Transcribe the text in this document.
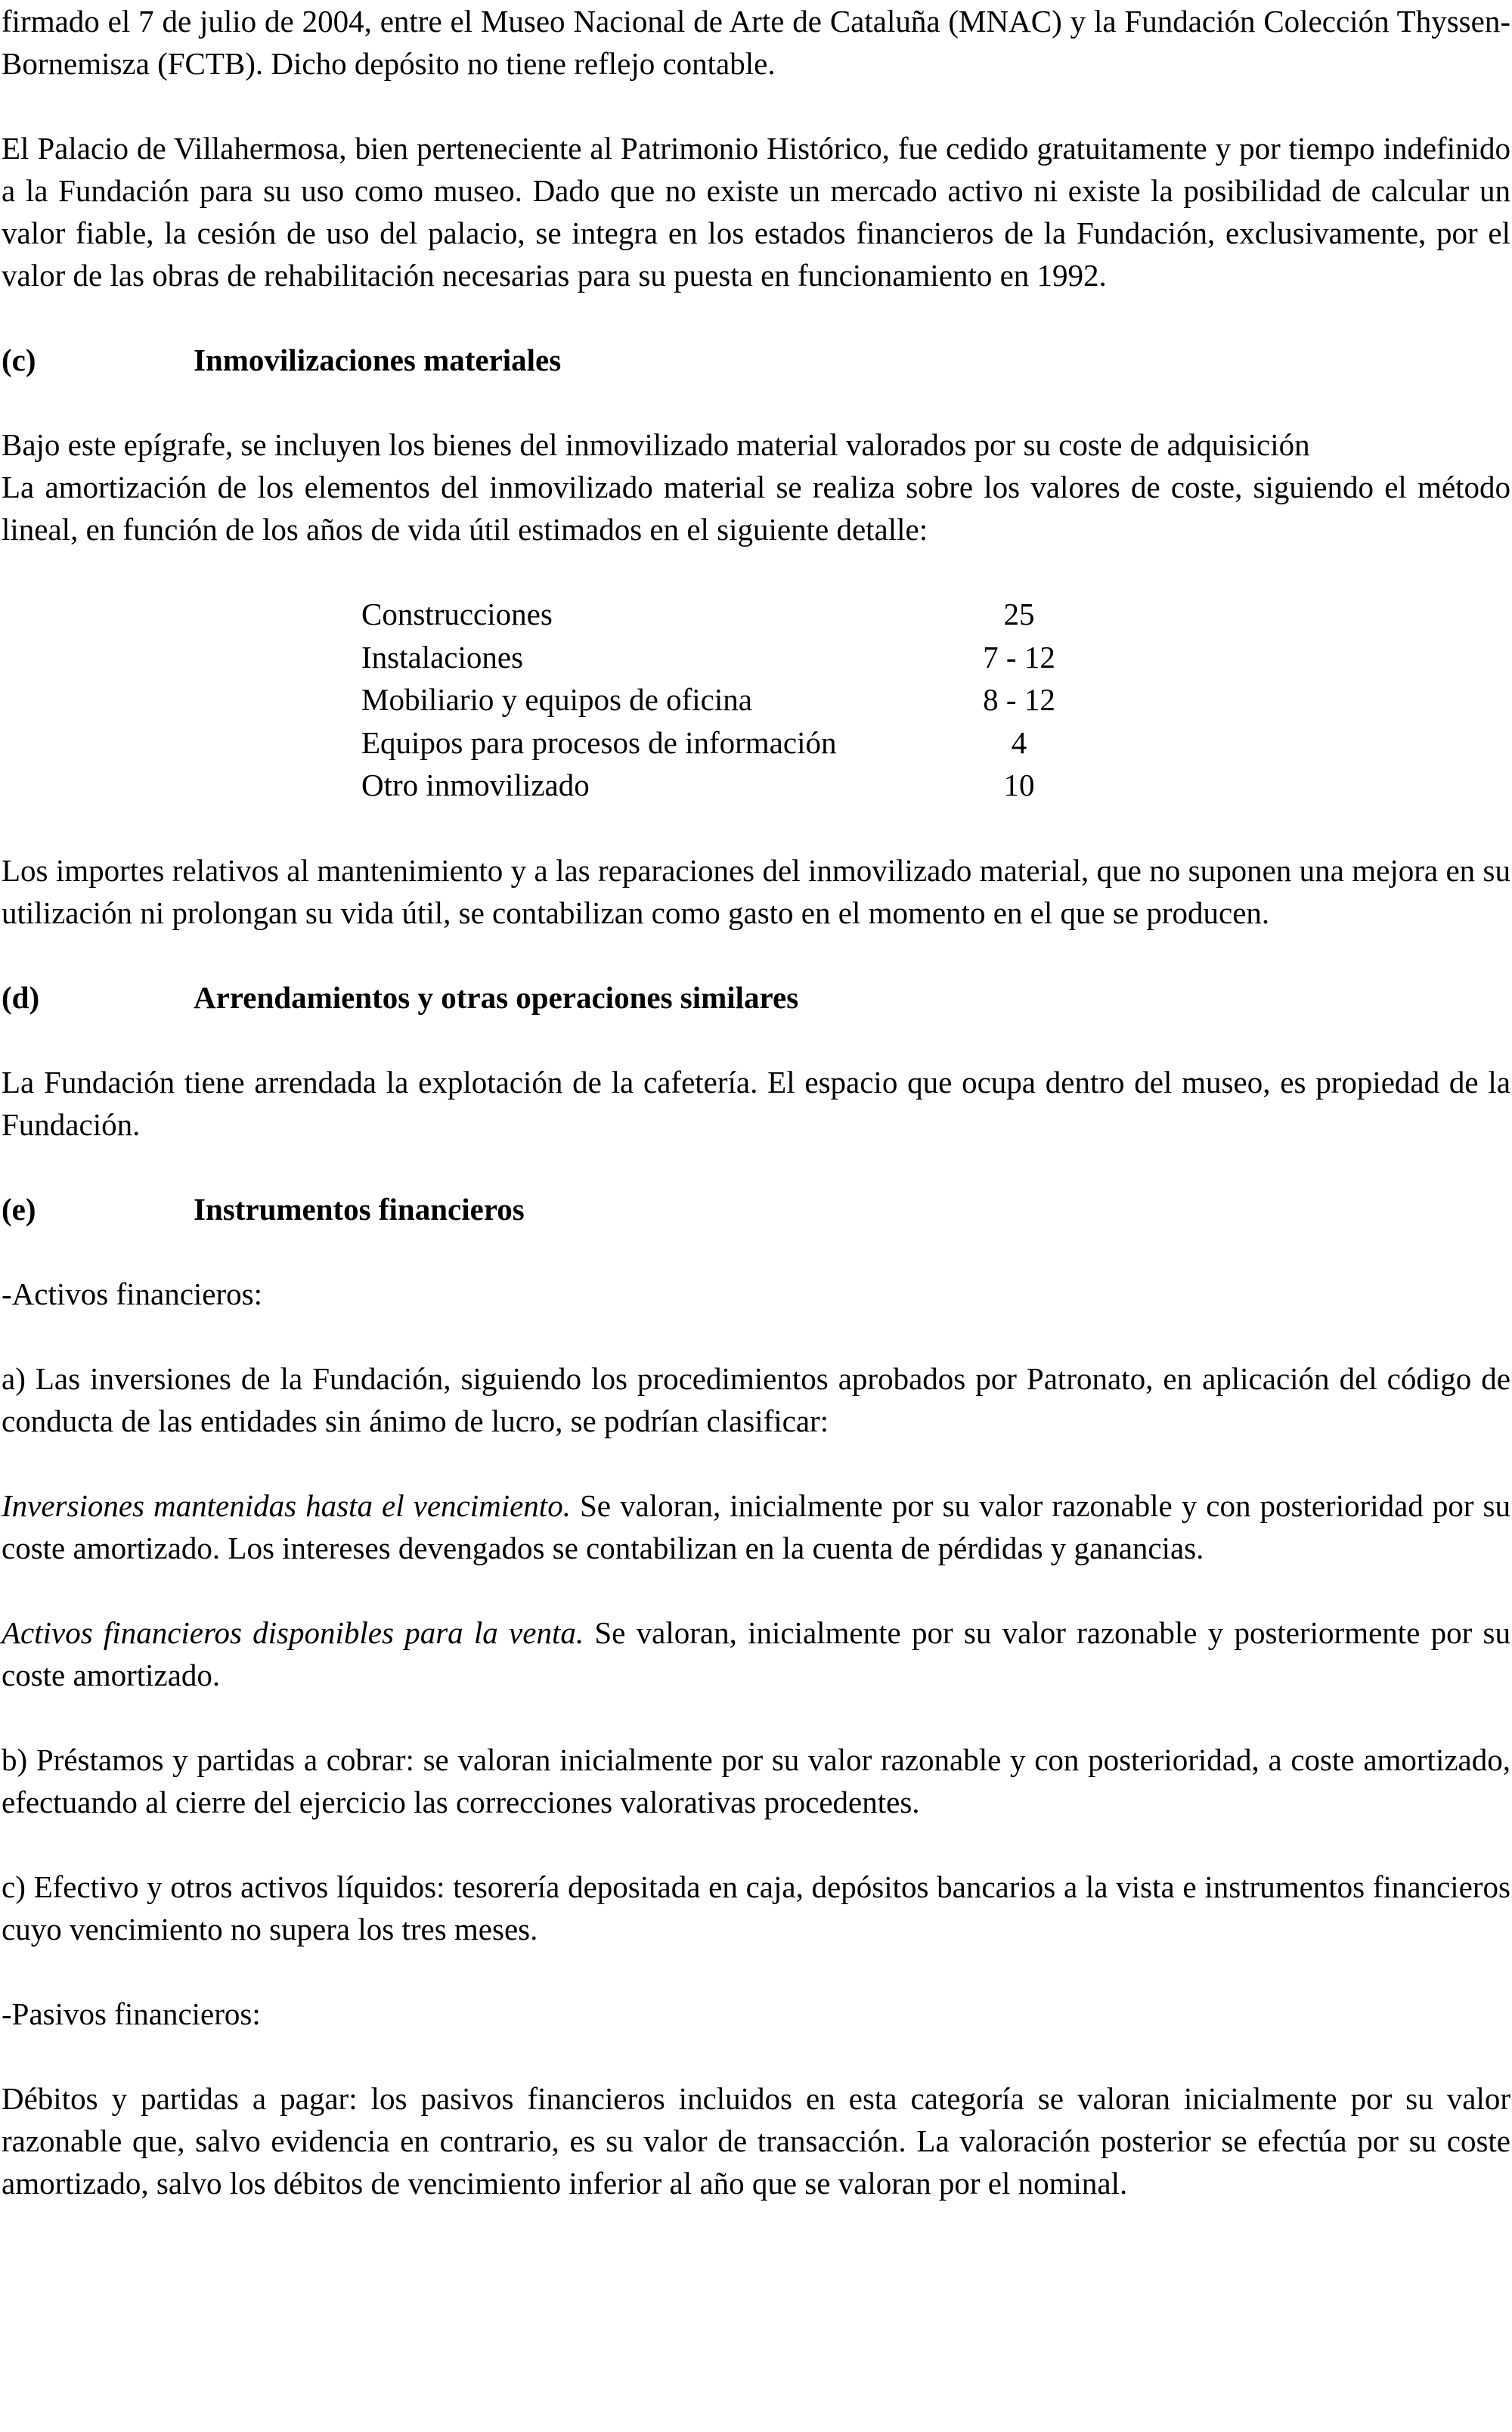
firmado el 7 de julio de 2004, entre el Museo Nacional de Arte de Cataluña (MNAC) y la Fundación Colección Thyssen-Bornemisza (FCTB). Dicho depósito no tiene reflejo contable.

El Palacio de Villahermosa, bien perteneciente al Patrimonio Histórico, fue cedido gratuitamente y por tiempo indefinido a la Fundación para su uso como museo. Dado que no existe un mercado activo ni existe la posibilidad de calcular un valor fiable, la cesión de uso del palacio, se integra en los estados financieros de la Fundación, exclusivamente, por el valor de las obras de rehabilitación necesarias para su puesta en funcionamiento en 1992.

(c)	Inmovilizaciones materiales

Bajo este epígrafe, se incluyen los bienes del inmovilizado material valorados por su coste de adquisición

La amortización de los elementos del inmovilizado material se realiza sobre los valores de coste, siguiendo el método lineal, en función de los años de vida útil estimados en el siguiente detalle:

Construcciones	25
Instalaciones	7 - 12
Mobiliario y equipos de oficina	8 - 12
Equipos para procesos de información	4
Otro inmovilizado	10

Los importes relativos al mantenimiento y a las reparaciones del inmovilizado material, que no suponen una mejora en su utilización ni prolongan su vida útil, se contabilizan como gasto en el momento en el que se producen.

(d)	Arrendamientos y otras operaciones similares

La Fundación tiene arrendada la explotación de la cafetería. El espacio que ocupa dentro del museo, es propiedad de la Fundación.

(e)	Instrumentos financieros

-Activos financieros:

a) Las inversiones de la Fundación, siguiendo los procedimientos aprobados por Patronato, en aplicación del código de conducta de las entidades sin ánimo de lucro, se podrían clasificar:

Inversiones mantenidas hasta el vencimiento. Se valoran, inicialmente por su valor razonable y con posterioridad por su coste amortizado. Los intereses devengados se contabilizan en la cuenta de pérdidas y ganancias.

Activos financieros disponibles para la venta. Se valoran, inicialmente por su valor razonable y posteriormente por su coste amortizado.

b) Préstamos y partidas a cobrar: se valoran inicialmente por su valor razonable y con posterioridad, a coste amortizado, efectuando al cierre del ejercicio las correcciones valorativas procedentes.

c) Efectivo y otros activos líquidos: tesorería depositada en caja, depósitos bancarios a la vista e instrumentos financieros cuyo vencimiento no supera los tres meses.

-Pasivos financieros:

Débitos y partidas a pagar: los pasivos financieros incluidos en esta categoría se valoran inicialmente por su valor razonable que, salvo evidencia en contrario, es su valor de transacción. La valoración posterior se efectúa por su coste amortizado, salvo los débitos de vencimiento inferior al año que se valoran por el nominal.
